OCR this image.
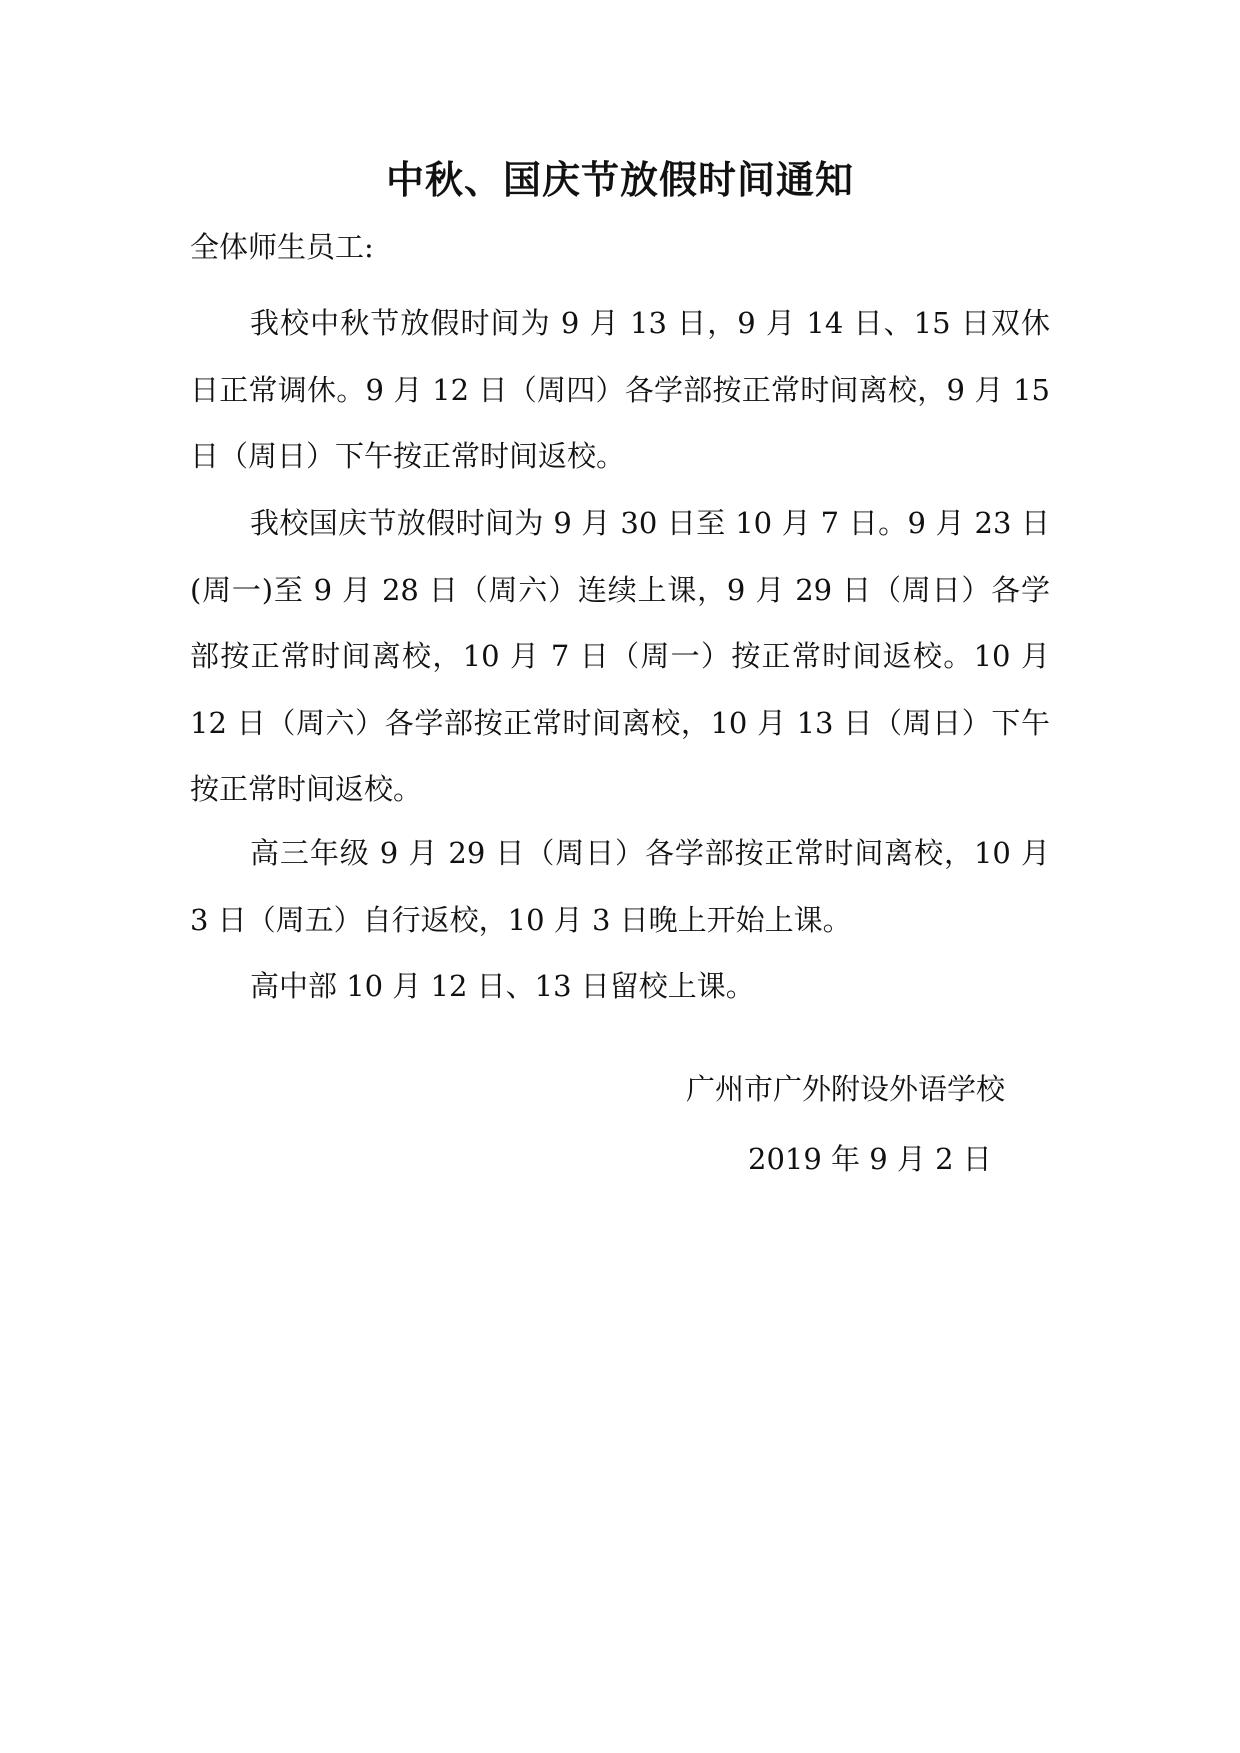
中秋、国庆节放假时间通知
全体师生员工:

我校中秋节放假时间为 9 月 13 日，9 月 14 日、15 日双休日正常调休。9 月 12 日（周四）各学部按正常时间离校，9 月 15 日（周日）下午按正常时间返校。

我校国庆节放假时间为 9 月 30 日至 10 月 7 日。9 月 23 日(周一)至 9 月 28 日（周六）连续上课，9 月 29 日（周日）各学部按正常时间离校，10 月 7 日（周一）按正常时间返校。10 月 12 日（周六）各学部按正常时间离校，10 月 13 日（周日）下午按正常时间返校。

高三年级 9 月 29 日（周日）各学部按正常时间离校，10 月 3 日（周五）自行返校，10 月 3 日晚上开始上课。

高中部 10 月 12 日、13 日留校上课。

广州市广外附设外语学校
2019 年 9 月 2 日
